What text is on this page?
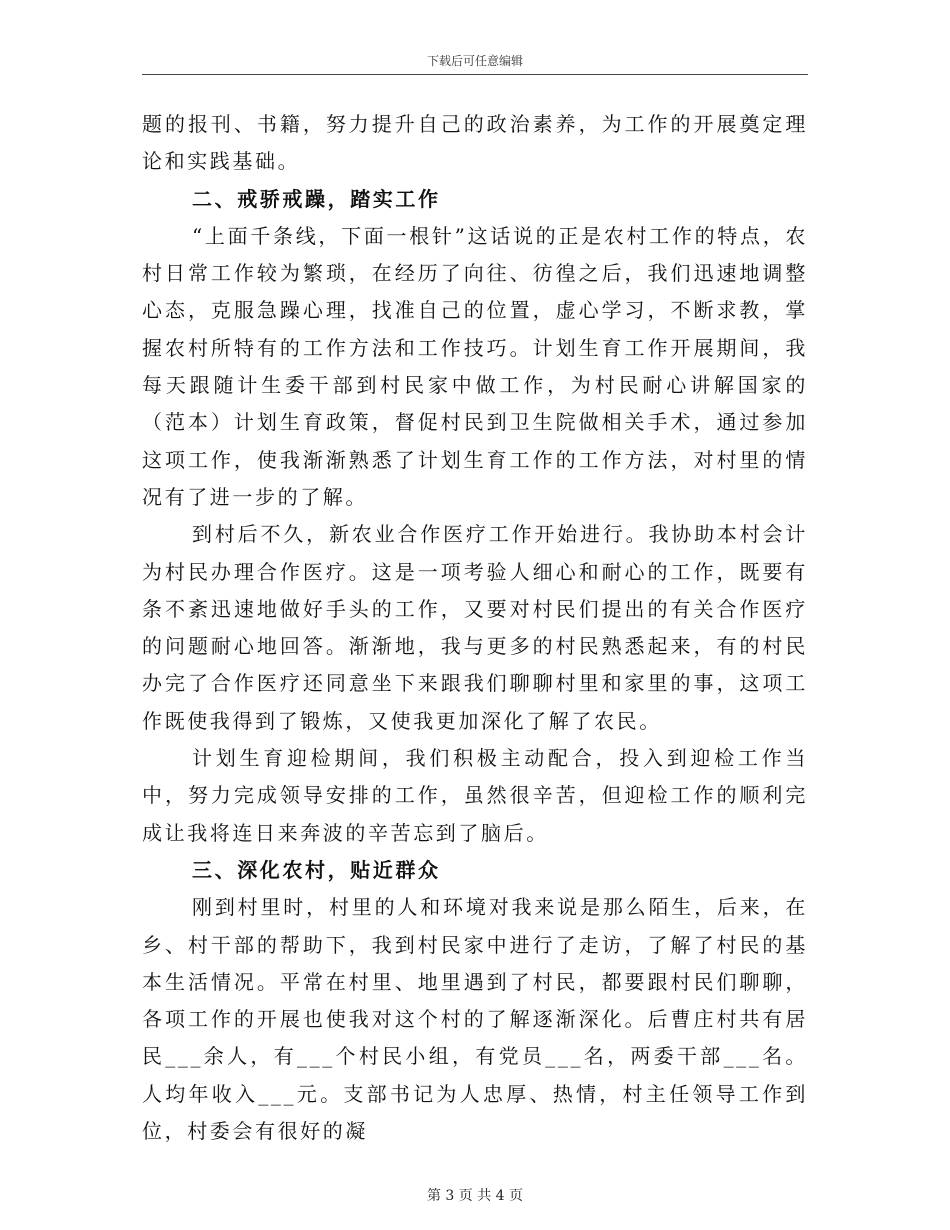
下载后可任意编辑

题的报刊、书籍，努力提升自己的政治素养，为工作的开展奠定理论和实践基础。

二、戒骄戒躁，踏实工作

“上面千条线，下面一根针”这话说的正是农村工作的特点，农村日常工作较为繁琐，在经历了向往、彷徨之后，我们迅速地调整心态，克服急躁心理，找准自己的位置，虚心学习，不断求教，掌握农村所特有的工作方法和工作技巧。计划生育工作开展期间，我每天跟随计生委干部到村民家中做工作，为村民耐心讲解国家的（范本）计划生育政策，督促村民到卫生院做相关手术，通过参加这项工作，使我渐渐熟悉了计划生育工作的工作方法，对村里的情况有了进一步的了解。

到村后不久，新农业合作医疗工作开始进行。我协助本村会计为村民办理合作医疗。这是一项考验人细心和耐心的工作，既要有条不紊迅速地做好手头的工作，又要对村民们提出的有关合作医疗的问题耐心地回答。渐渐地，我与更多的村民熟悉起来，有的村民办完了合作医疗还同意坐下来跟我们聊聊村里和家里的事，这项工作既使我得到了锻炼，又使我更加深化了解了农民。

计划生育迎检期间，我们积极主动配合，投入到迎检工作当中，努力完成领导安排的工作，虽然很辛苦，但迎检工作的顺利完成让我将连日来奔波的辛苦忘到了脑后。

三、深化农村，贴近群众

刚到村里时，村里的人和环境对我来说是那么陌生，后来，在乡、村干部的帮助下，我到村民家中进行了走访，了解了村民的基本生活情况。平常在村里、地里遇到了村民，都要跟村民们聊聊，各项工作的开展也使我对这个村的了解逐渐深化。后曹庄村共有居民___余人，有___个村民小组，有党员___名，两委干部___名。人均年收入___元。支部书记为人忠厚、热情，村主任领导工作到位，村委会有很好的凝

第 3 页 共 4 页
